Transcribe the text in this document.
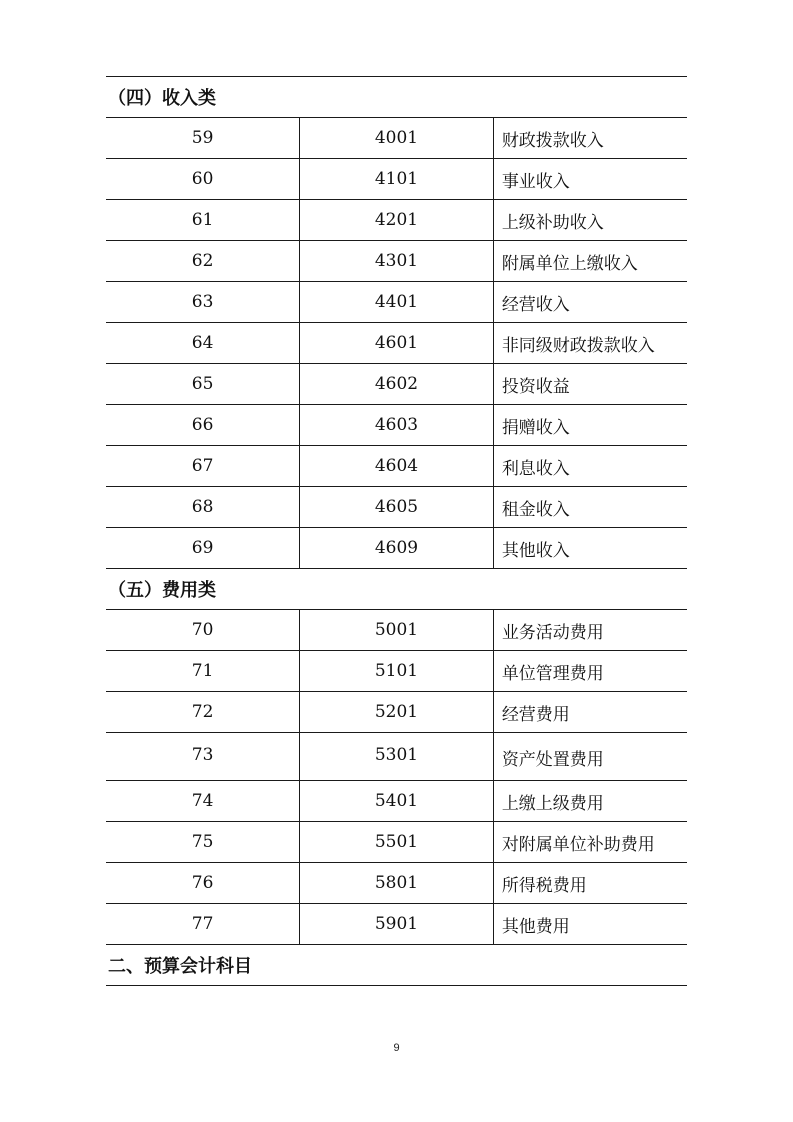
（四）收入类		
59	4001	财政拨款收入
60	4101	事业收入
61	4201	上级补助收入
62	4301	附属单位上缴收入
63	4401	经营收入
64	4601	非同级财政拨款收入
65	4602	投资收益
66	4603	捐赠收入
67	4604	利息收入
68	4605	租金收入
69	4609	其他收入
（五）费用类		
70	5001	业务活动费用
71	5101	单位管理费用
72	5201	经营费用
73	5301	资产处置费用
74	5401	上缴上级费用
75	5501	对附属单位补助费用
76	5801	所得税费用
77	5901	其他费用
二、预算会计科目		
9
